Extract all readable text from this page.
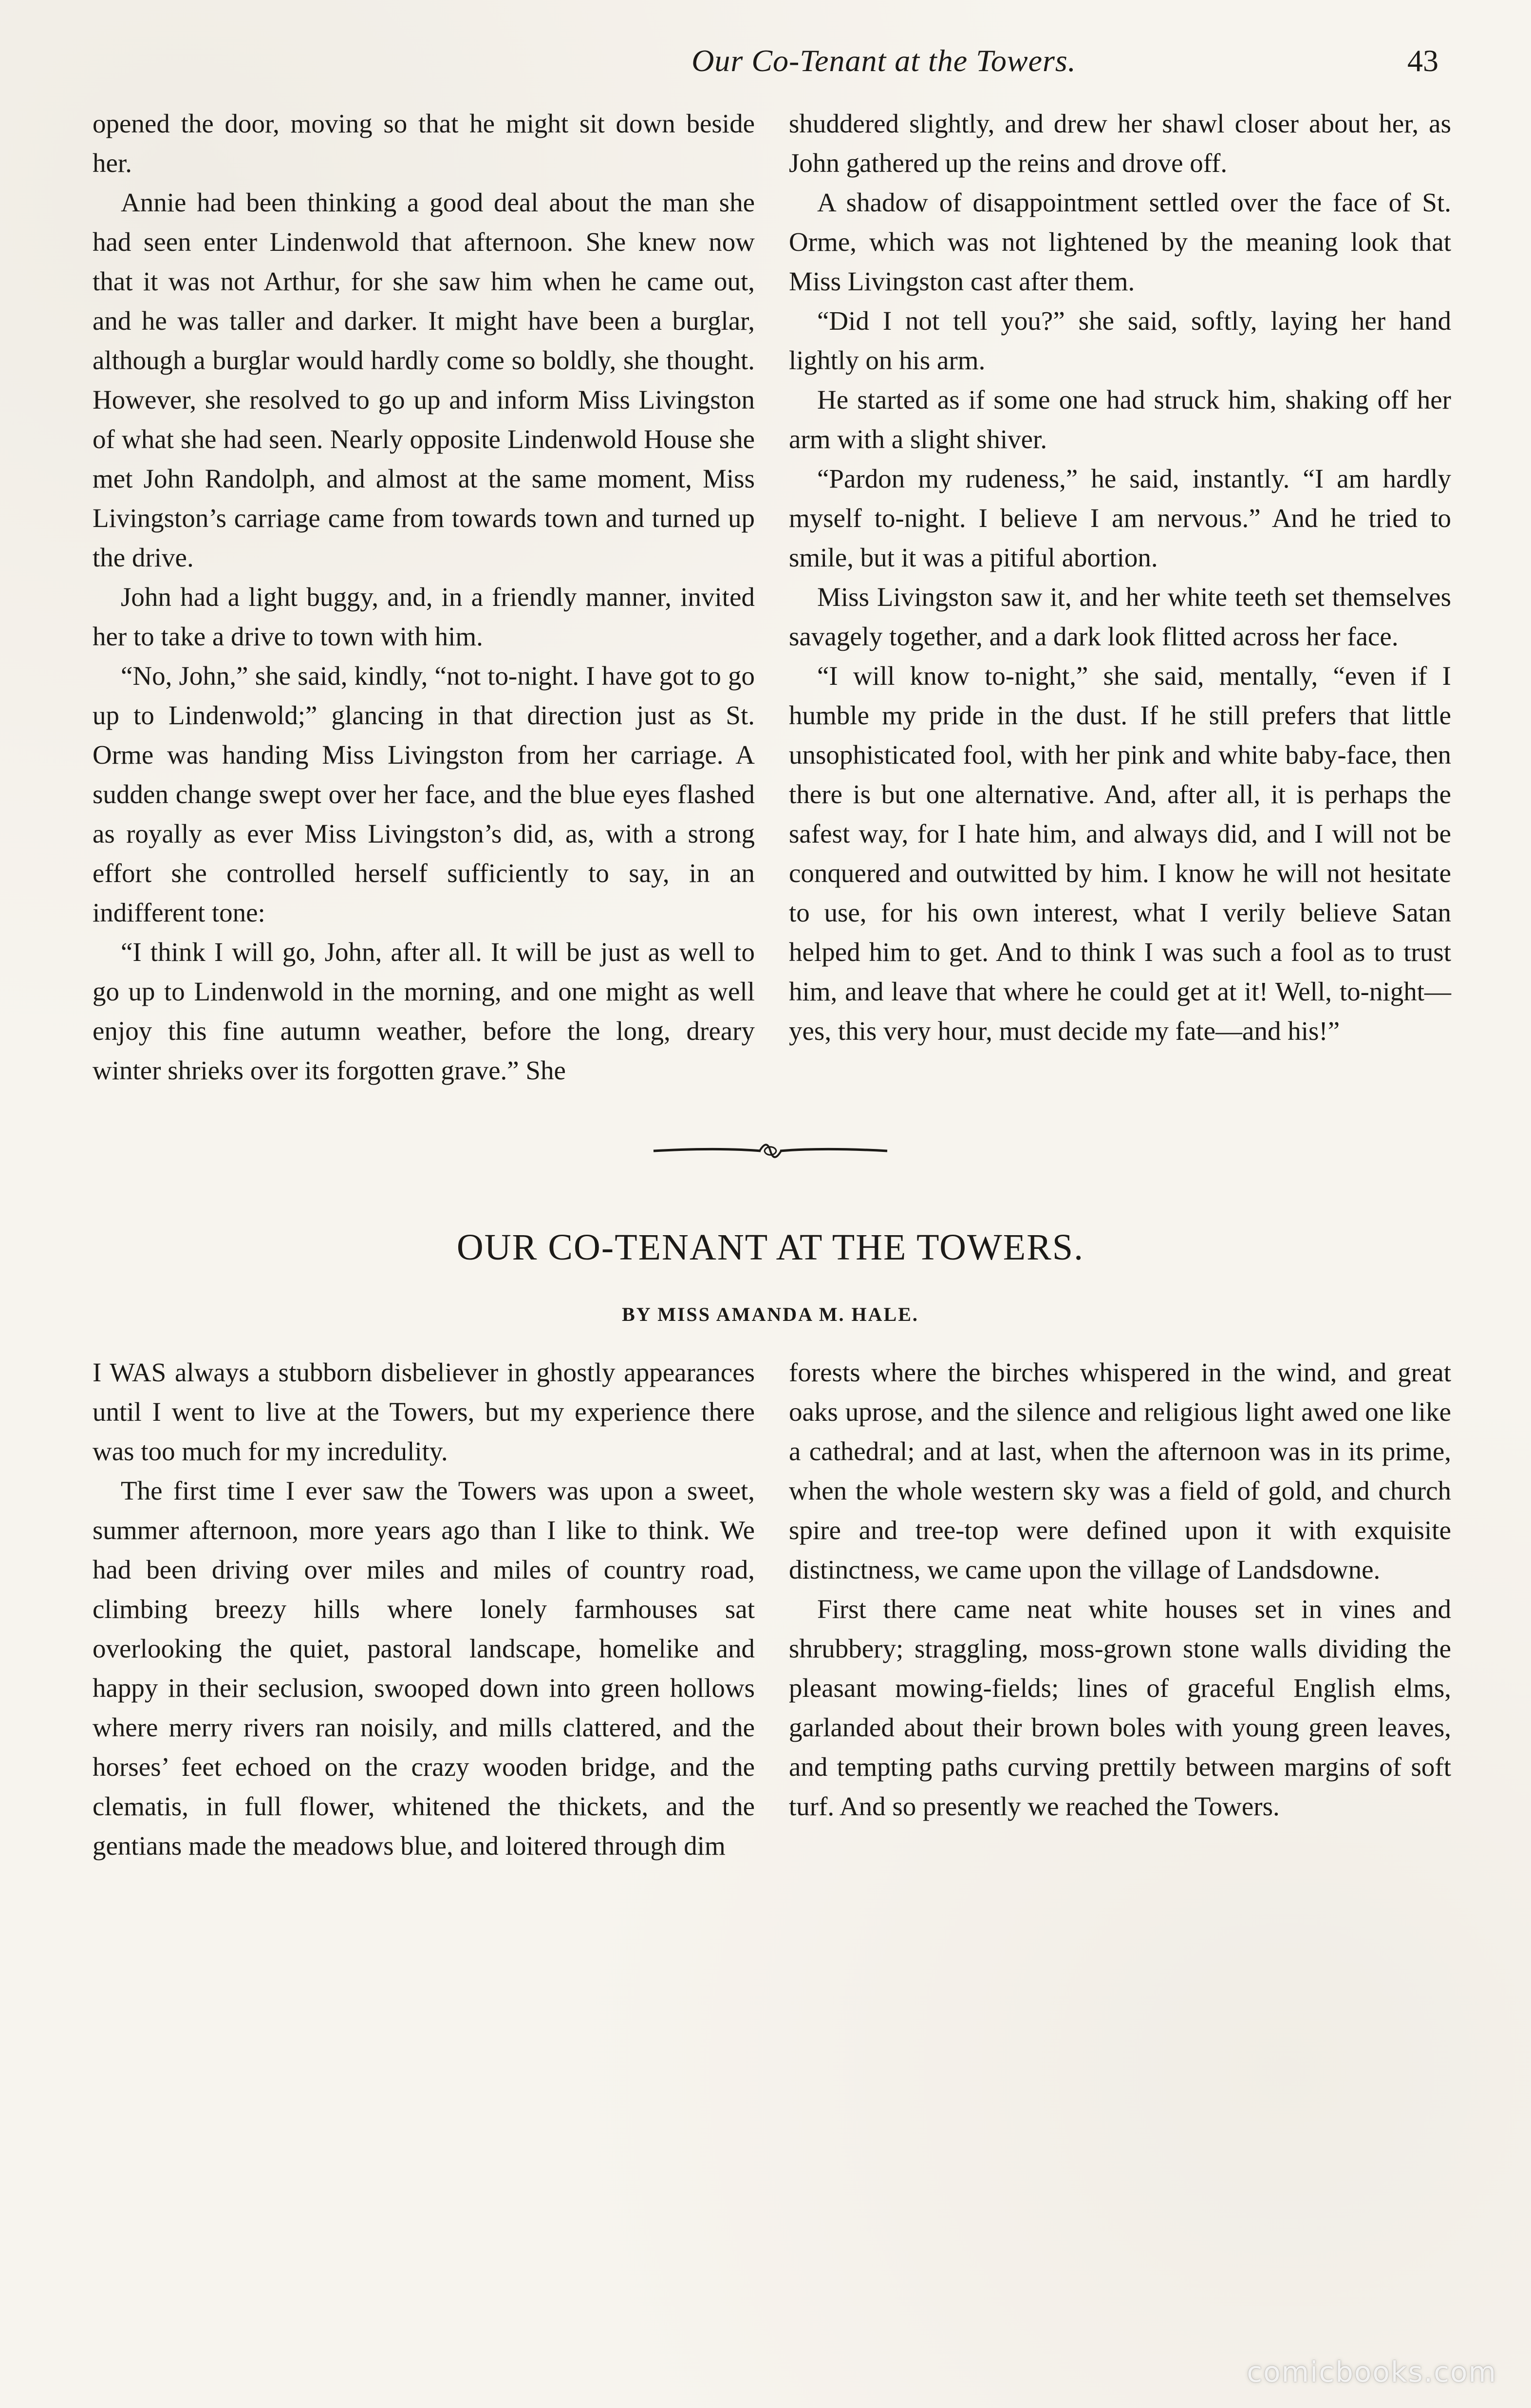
Our Co-Tenant at the Towers.	43

opened the door, moving so that he might sit down beside her.

Annie had been thinking a good deal about the man she had seen enter Lindenwold that afternoon. She knew now that it was not Arthur, for she saw him when he came out, and he was taller and darker. It might have been a burglar, although a burglar would hardly come so boldly, she thought. However, she resolved to go up and inform Miss Livingston of what she had seen. Nearly opposite Lindenwold House she met John Randolph, and almost at the same moment, Miss Livingston’s carriage came from towards town and turned up the drive.

John had a light buggy, and, in a friendly manner, invited her to take a drive to town with him.

“No, John,” she said, kindly, “not to-night. I have got to go up to Lindenwold;” glancing in that direction just as St. Orme was handing Miss Livingston from her carriage. A sudden change swept over her face, and the blue eyes flashed as royally as ever Miss Livingston’s did, as, with a strong effort she controlled herself sufficiently to say, in an indifferent tone:

“I think I will go, John, after all. It will be just as well to go up to Lindenwold in the morning, and one might as well enjoy this fine autumn weather, before the long, dreary winter shrieks over its forgotten grave.” She

shuddered slightly, and drew her shawl closer about her, as John gathered up the reins and drove off.

A shadow of disappointment settled over the face of St. Orme, which was not lightened by the meaning look that Miss Livingston cast after them.

“Did I not tell you?” she said, softly, laying her hand lightly on his arm.

He started as if some one had struck him, shaking off her arm with a slight shiver.

“Pardon my rudeness,” he said, instantly. “I am hardly myself to-night. I believe I am nervous.” And he tried to smile, but it was a pitiful abortion.

Miss Livingston saw it, and her white teeth set themselves savagely together, and a dark look flitted across her face.

“I will know to-night,” she said, mentally, “even if I humble my pride in the dust. If he still prefers that little unsophisticated fool, with her pink and white baby-face, then there is but one alternative. And, after all, it is perhaps the safest way, for I hate him, and always did, and I will not be conquered and outwitted by him. I know he will not hesitate to use, for his own interest, what I verily believe Satan helped him to get. And to think I was such a fool as to trust him, and leave that where he could get at it! Well, to-night—yes, this very hour, must decide my fate—and his!”

OUR CO-TENANT AT THE TOWERS.
BY MISS AMANDA M. HALE.

I WAS always a stubborn disbeliever in ghostly appearances until I went to live at the Towers, but my experience there was too much for my incredulity.

The first time I ever saw the Towers was upon a sweet, summer afternoon, more years ago than I like to think. We had been driving over miles and miles of country road, climbing breezy hills where lonely farmhouses sat overlooking the quiet, pastoral landscape, homelike and happy in their seclusion, swooped down into green hollows where merry rivers ran noisily, and mills clattered, and the horses’ feet echoed on the crazy wooden bridge, and the clematis, in full flower, whitened the thickets, and the gentians made the meadows blue, and loitered through dim

forests where the birches whispered in the wind, and great oaks uprose, and the silence and religious light awed one like a cathedral; and at last, when the afternoon was in its prime, when the whole western sky was a field of gold, and church spire and tree-top were defined upon it with exquisite distinctness, we came upon the village of Landsdowne.

First there came neat white houses set in vines and shrubbery; straggling, moss-grown stone walls dividing the pleasant mowing-fields; lines of graceful English elms, garlanded about their brown boles with young green leaves, and tempting paths curving prettily between margins of soft turf. And so presently we reached the Towers.

comicbooks.com
